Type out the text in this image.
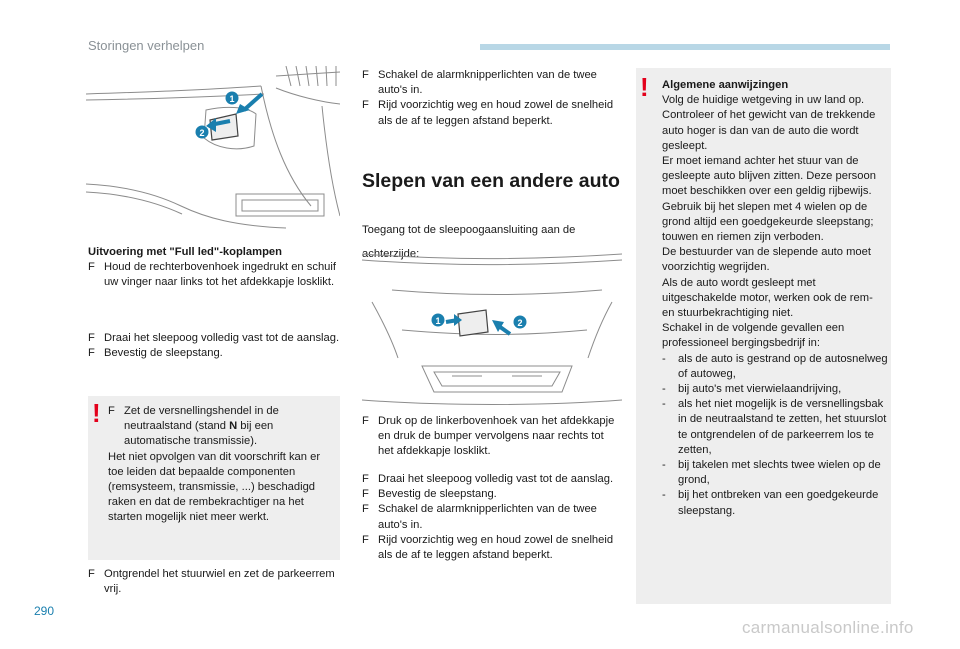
Storingen verhelpen
1
2
Uitvoering met "Full led"-koplampen
F Houd de rechterbovenhoek ingedrukt en schuif uw vinger naar links tot het afdekkapje losklikt.
F Draai het sleepoog volledig vast tot de aanslag.
F Bevestig de sleepstang.
! F Zet de versnellingshendel in de neutraalstand (stand N bij een automatische transmissie).
Het niet opvolgen van dit voorschrift kan er toe leiden dat bepaalde componenten (remsysteem, transmissie, ...) beschadigd raken en dat de rembekrachtiger na het starten mogelijk niet meer werkt.
F Ontgrendel het stuurwiel en zet de parkeerrem vrij.
F Schakel de alarmknipperlichten van de twee auto's in.
F Rijd voorzichtig weg en houd zowel de snelheid als de af te leggen afstand beperkt.
Slepen van een andere auto
Toegang tot de sleepoogaansluiting aan de achterzijde:
1	2
F Druk op de linkerbovenhoek van het afdekkapje en druk de bumper vervolgens naar rechts tot het afdekkapje losklikt.
F Draai het sleepoog volledig vast tot de aanslag.
F Bevestig de sleepstang.
F Schakel de alarmknipperlichten van de twee auto's in.
F Rijd voorzichtig weg en houd zowel de snelheid als de af te leggen afstand beperkt.
! Algemene aanwijzingen
Volg de huidige wetgeving in uw land op.
Controleer of het gewicht van de trekkende auto hoger is dan van de auto die wordt gesleept.
Er moet iemand achter het stuur van de gesleepte auto blijven zitten. Deze persoon moet beschikken over een geldig rijbewijs.
Gebruik bij het slepen met 4 wielen op de grond altijd een goedgekeurde sleepstang; touwen en riemen zijn verboden.
De bestuurder van de slepende auto moet voorzichtig wegrijden.
Als de auto wordt gesleept met uitgeschakelde motor, werken ook de rem- en stuurbekrachtiging niet.
Schakel in de volgende gevallen een professioneel bergingsbedrijf in:
- als de auto is gestrand op de autosnelweg of autoweg,
- bij auto's met vierwielaandrijving,
- als het niet mogelijk is de versnellingsbak in de neutraalstand te zetten, het stuurslot te ontgrendelen of de parkeerrem los te zetten,
- bij takelen met slechts twee wielen op de grond,
- bij het ontbreken van een goedgekeurde sleepstang.
290
carmanualsonline.info
